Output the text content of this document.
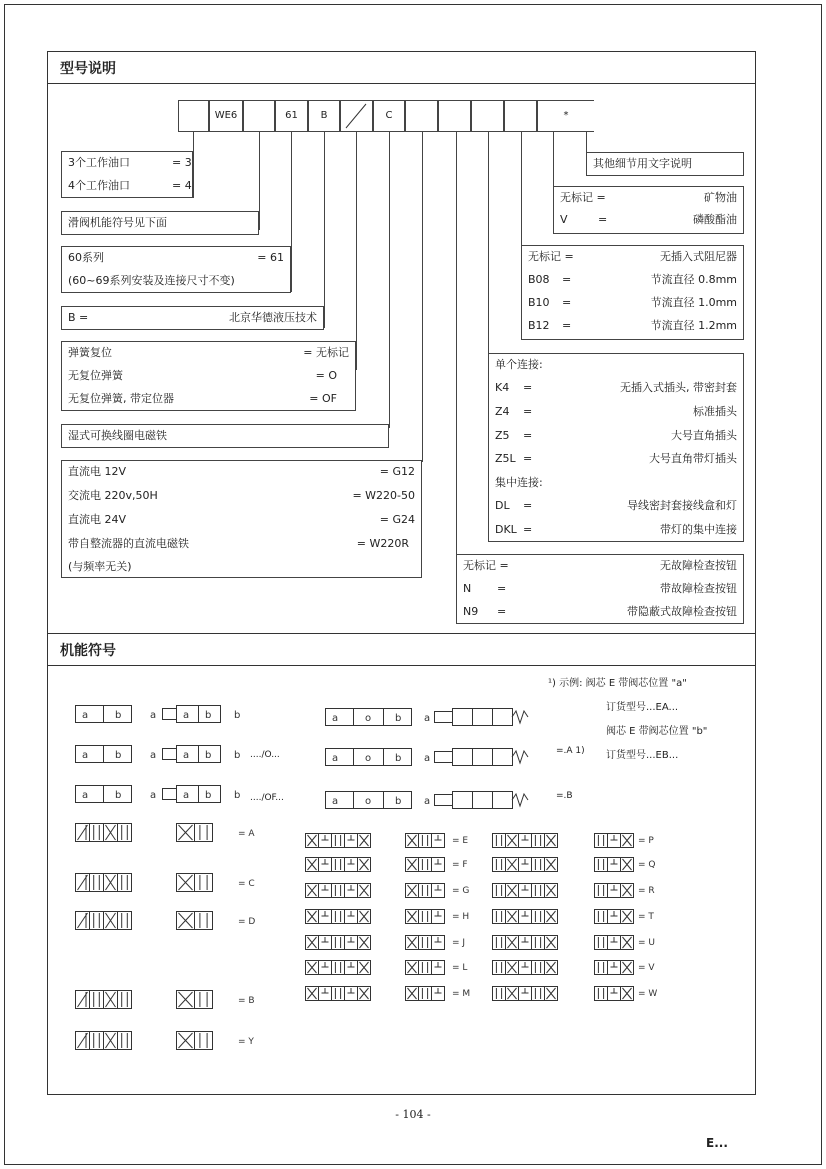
型号说明
WE6	61	B	C	*
其他细节用文字说明
无标记 =	矿物油
V	=	磷酸酯油
无标记 =	无插入式阻尼器
B08 =	节流直径 0.8mm
B10 =	节流直径 1.0mm
B12 =	节流直径 1.2mm
单个连接:
K4 =	无插入式插头, 带密封套
Z4 =	标准插头
Z5 =	大号直角插头
Z5L =	大号直角带灯插头
集中连接:
DL =	导线密封套接线盒和灯
DKL =	带灯的集中连接
无标记 =	无故障检查按钮
N =	带故障检查按钮
N9 =	带隐蔽式故障检查按钮
3个工作油口	= 3
4个工作油口	= 4
滑阀机能符号见下面
60系列	= 61
(60~69系列安装及连接尺寸不变)
B =	北京华德液压技术
弹簧复位	= 无标记
无复位弹簧	= O
无复位弹簧, 带定位器	= OF
湿式可换线圈电磁铁
直流电 12V	= G12
交流电 220v,50H	= W220-50
直流电 24V	= G24
带自整流器的直流电磁铁	= W220R
(与频率无关)
机能符号
¹) 示例: 阀芯 E 带阀芯位置 "a"
订货型号...EA...
阀芯 E 带阀芯位置 "b"
订货型号...EB...
=.A 1)
=.B
..../O...
..../OF...
= A
= C
= D
= B
= Y
a	b	a	a b b
a	b	a	a b b
a	b	a	a b b
a	o b a
a	o b a
a	o b a
= E	= P
= F	= Q
= G	= R
= H	= T
= J	= U
= L	= V
= M	= W
- 104 -
E...
